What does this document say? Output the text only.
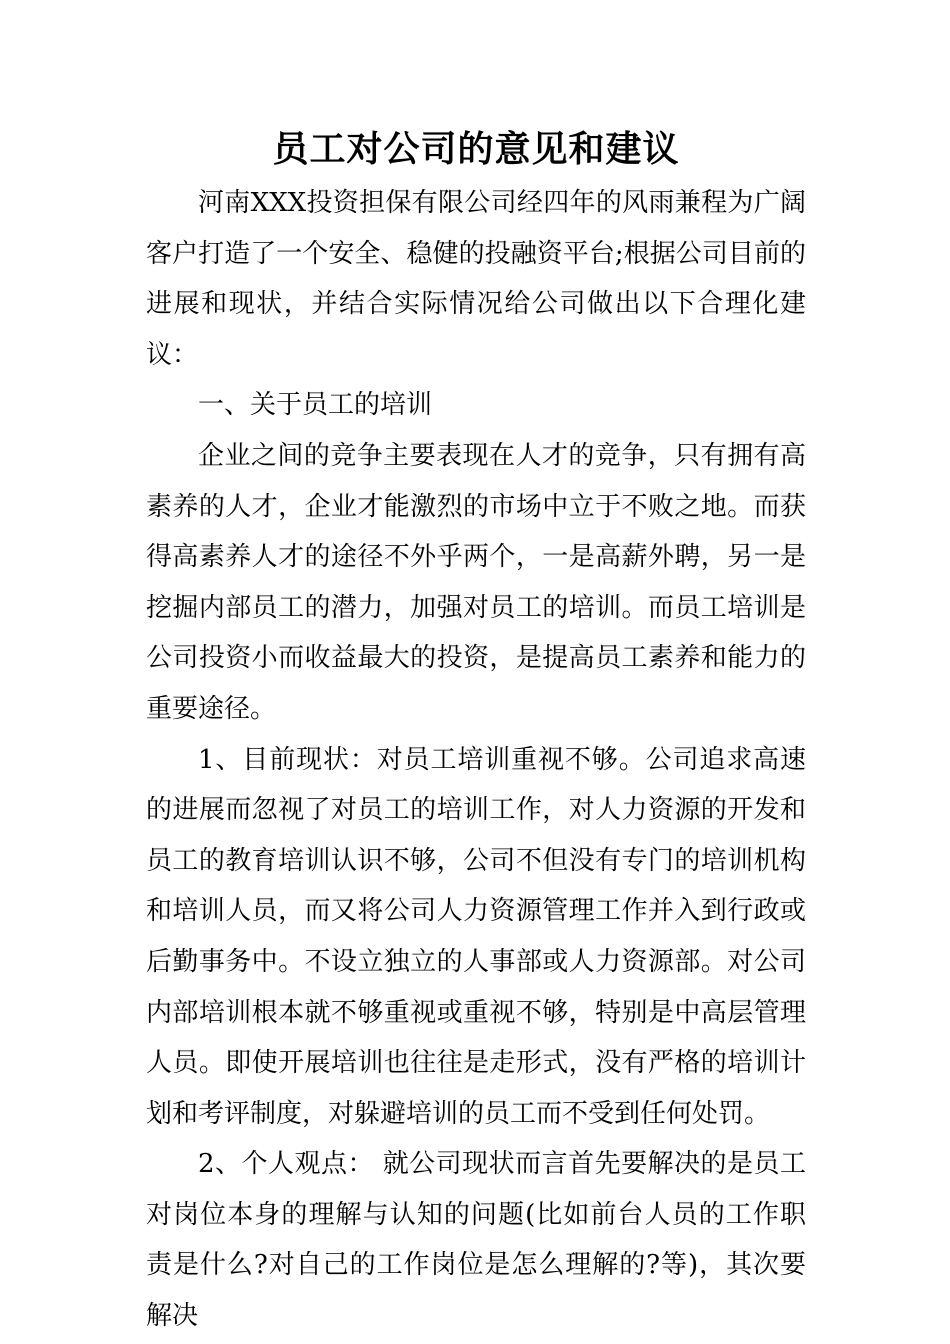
员工对公司的意见和建议

河南XXX投资担保有限公司经四年的风雨兼程为广阔客户打造了一个安全、稳健的投融资平台;根据公司目前的进展和现状，并结合实际情况给公司做出以下合理化建议：

一、关于员工的培训

企业之间的竞争主要表现在人才的竞争，只有拥有高素养的人才，企业才能激烈的市场中立于不败之地。而获得高素养人才的途径不外乎两个，一是高薪外聘，另一是挖掘内部员工的潜力，加强对员工的培训。而员工培训是公司投资小而收益最大的投资，是提高员工素养和能力的重要途径。

1、目前现状：对员工培训重视不够。公司追求高速的进展而忽视了对员工的培训工作，对人力资源的开发和员工的教育培训认识不够，公司不但没有专门的培训机构和培训人员，而又将公司人力资源管理工作并入到行政或后勤事务中。不设立独立的人事部或人力资源部。对公司内部培训根本就不够重视或重视不够，特别是中高层管理人员。即使开展培训也往往是走形式，没有严格的培训计划和考评制度，对躲避培训的员工而不受到任何处罚。

2、个人观点： 就公司现状而言首先要解决的是员工对岗位本身的理解与认知的问题(比如前台人员的工作职责是什么?对自己的工作岗位是怎么理解的?等)，其次要解决
